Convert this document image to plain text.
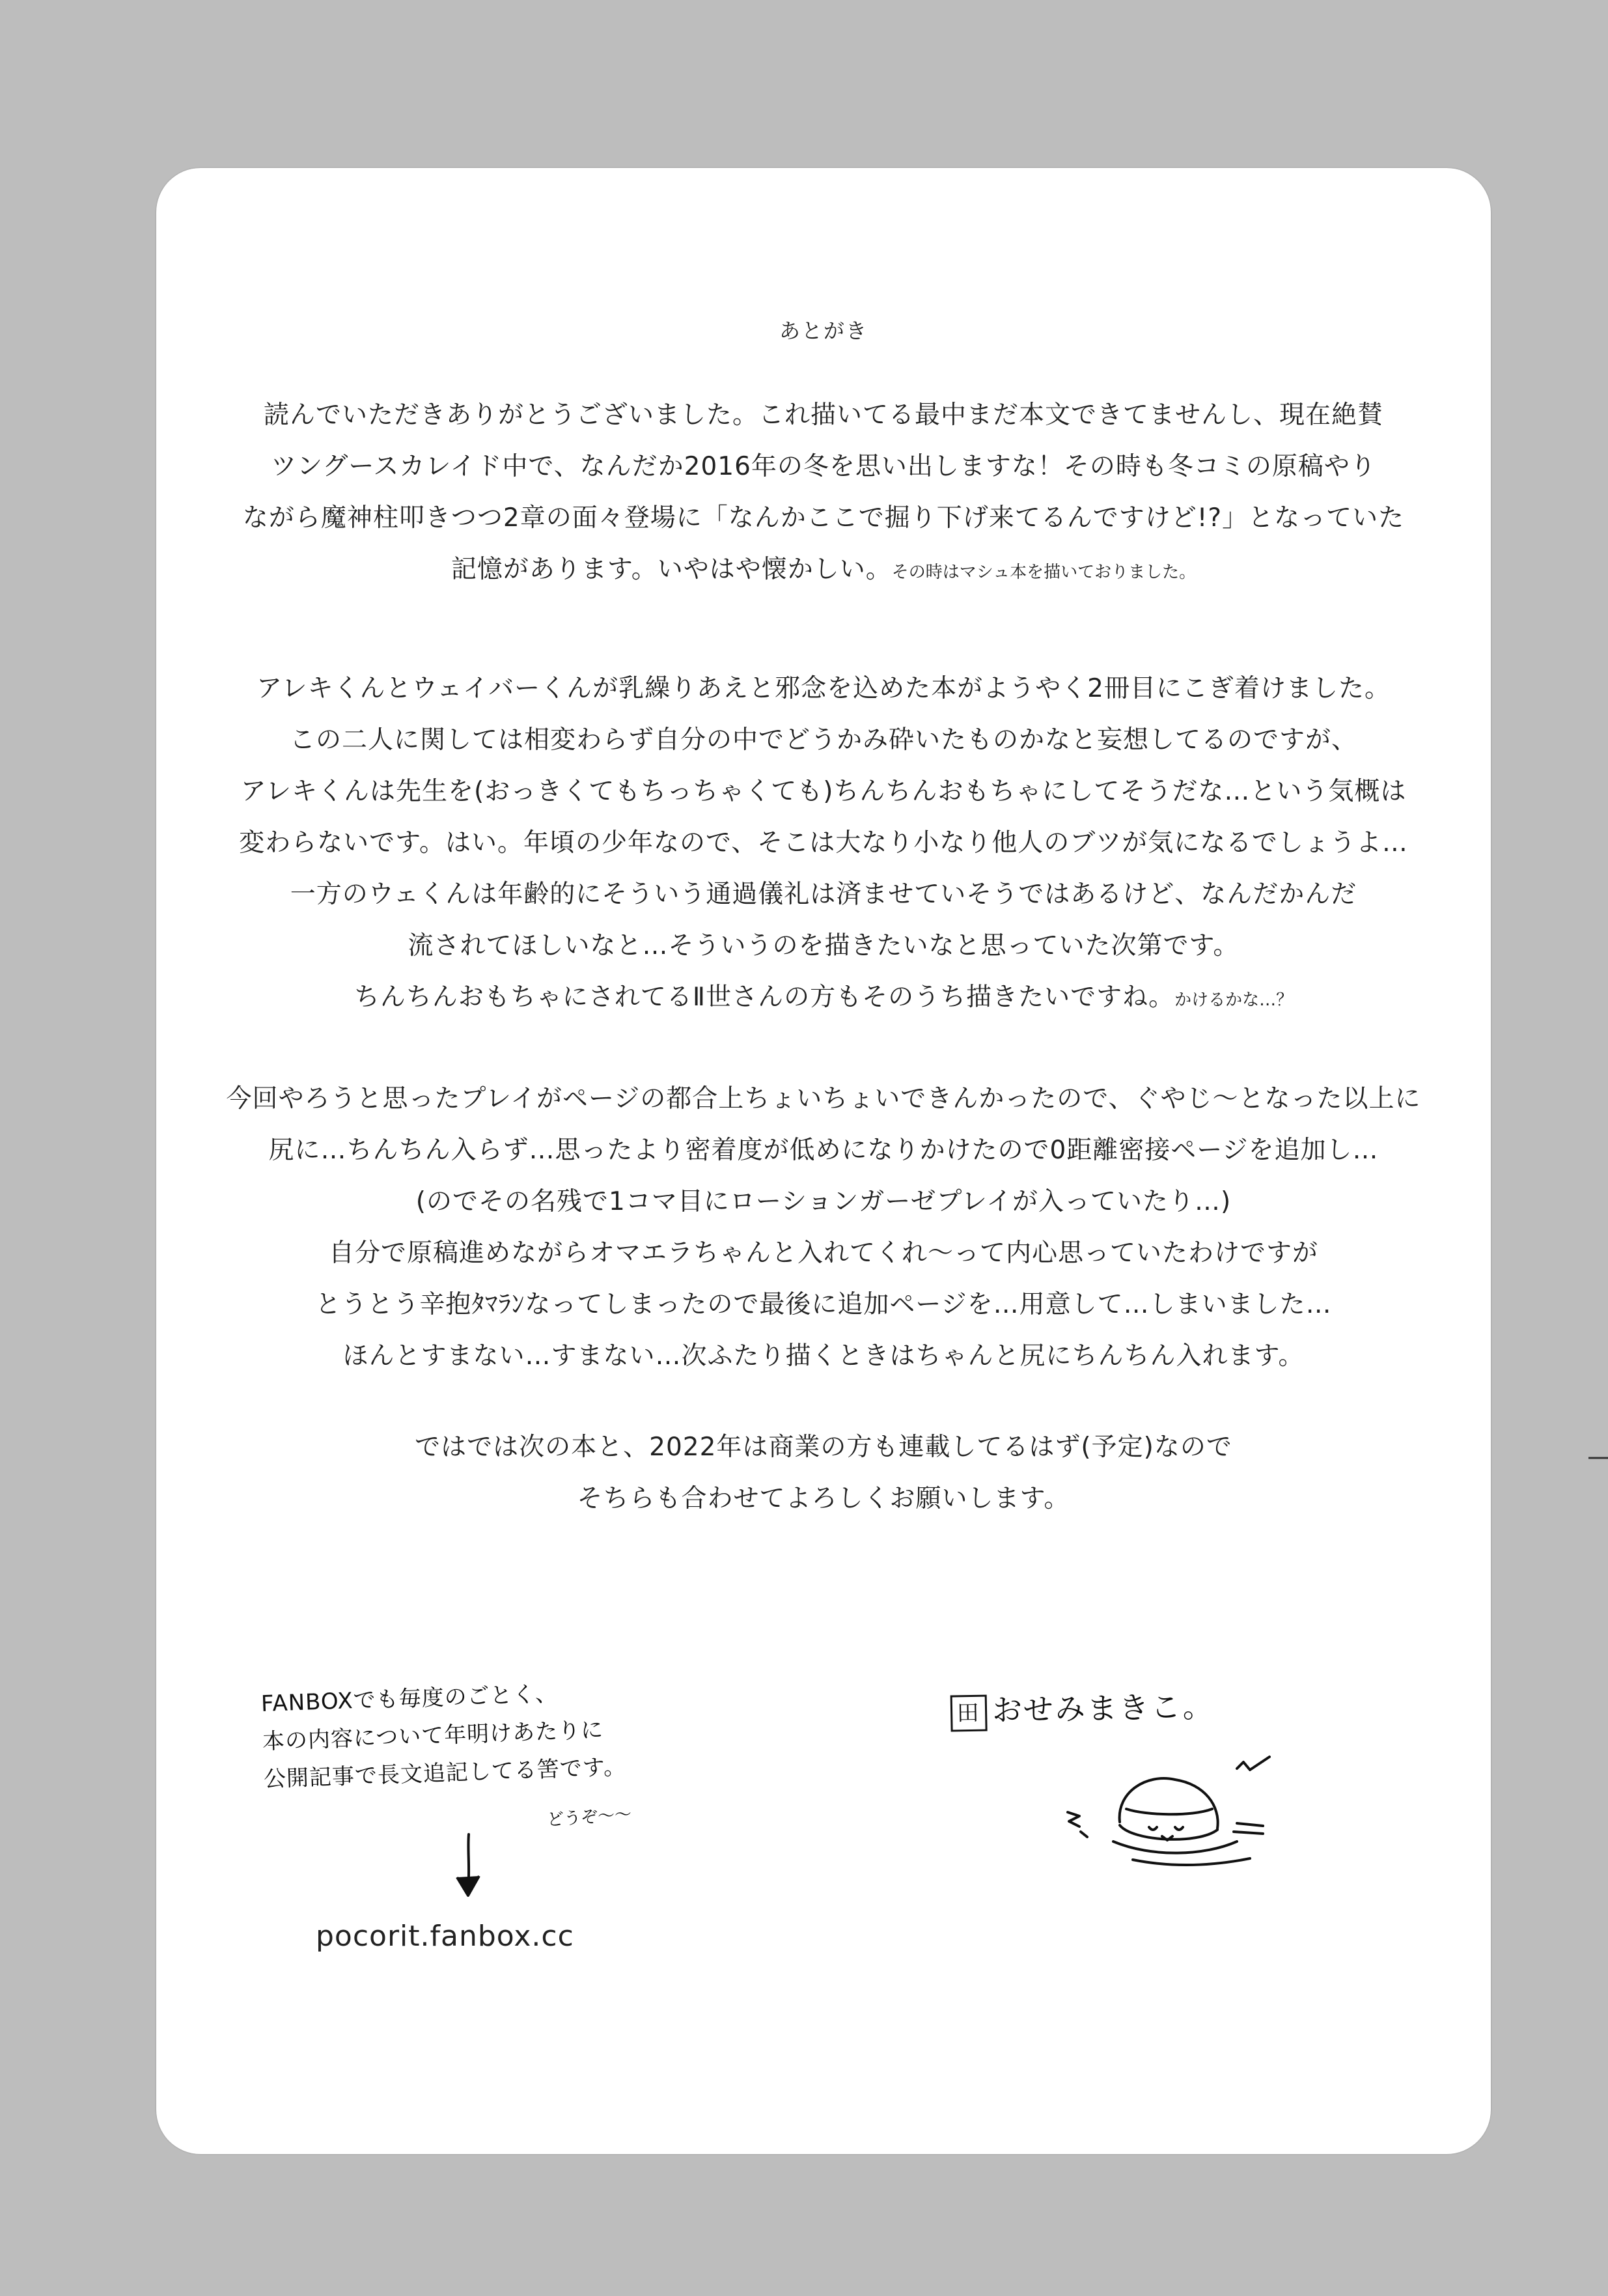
あとがき
読んでいただきありがとうございました。これ描いてる最中まだ本文できてませんし、現在絶賛
ツングースカレイド中で、なんだか2016年の冬を思い出しますな！その時も冬コミの原稿やり
ながら魔神柱叩きつつ2章の面々登場に「なんかここで掘り下げ来てるんですけど!?」となっていた
記憶があります。いやはや懐かしい。その時はマシュ本を描いておりました。
アレキくんとウェイバーくんが乳繰りあえと邪念を込めた本がようやく2冊目にこぎ着けました。
この二人に関しては相変わらず自分の中でどうかみ砕いたものかなと妄想してるのですが、
アレキくんは先生を(おっきくてもちっちゃくても)ちんちんおもちゃにしてそうだな…という気概は
変わらないです。はい。年頃の少年なので、そこは大なり小なり他人のブツが気になるでしょうよ…
一方のウェくんは年齢的にそういう通過儀礼は済ませていそうではあるけど、なんだかんだ
流されてほしいなと…そういうのを描きたいなと思っていた次第です。
ちんちんおもちゃにされてるⅡ世さんの方もそのうち描きたいですね。かけるかな…？
今回やろうと思ったプレイがページの都合上ちょいちょいできんかったので、ぐやじ～となった以上に
尻に…ちんちん入らず…思ったより密着度が低めになりかけたので0距離密接ページを追加し…
(のでその名残で1コマ目にローションガーゼプレイが入っていたり…)
自分で原稿進めながらオマエラちゃんと入れてくれ～って内心思っていたわけですが
とうとう辛抱ﾀﾏﾗﾝなってしまったので最後に追加ページを…用意して…しまいました…
ほんとすまない…すまない…次ふたり描くときはちゃんと尻にちんちん入れます。
ではでは次の本と、2022年は商業の方も連載してるはず(予定)なので
そちらも合わせてよろしくお願いします。
FANBOXでも毎度のごとく、
本の内容について年明けあたりに
公開記事で長文追記してる筈です。
どうぞ～～
pocorit.fanbox.cc
田 おせみまきこ。
